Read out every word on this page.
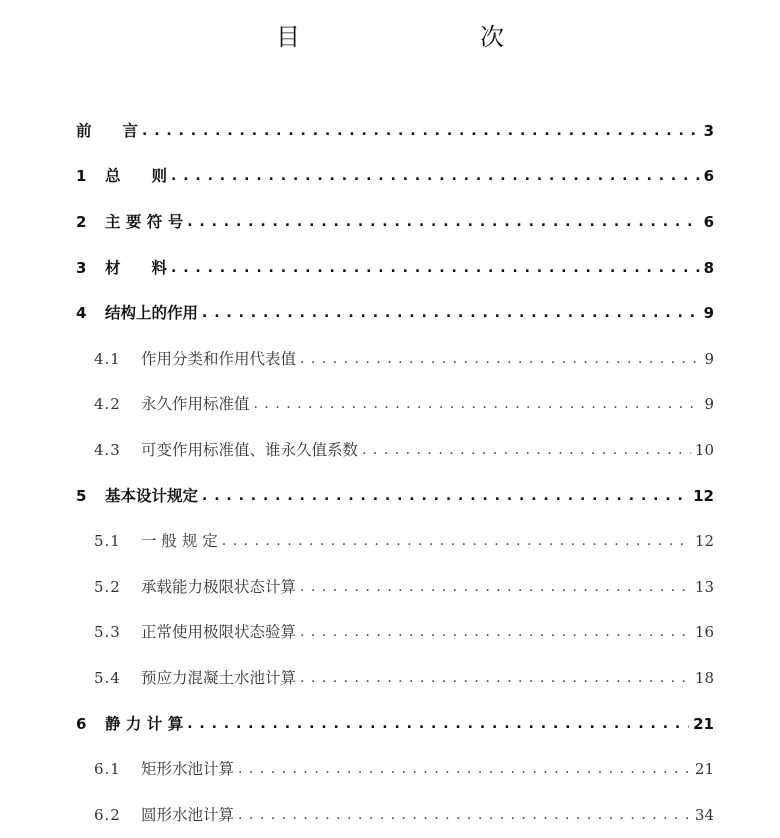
目　　次
前　　言 . . .	3
1	总　　则 . . .	6
2	主 要 符 号 . . .	6
3	材　　料 . . .	8
4	结构上的作用 . . .	9
4.1	作用分类和作用代表值 . . .	9
4.2	永久作用标准值 . . .	9
4.3	可变作用标准值、谁永久值系数 . . .	10
5	基本设计规定 . . .	12
5.1	一 般 规 定 . . .	12
5.2	承载能力极限状态计算 . . .	13
5.3	正常使用极限状态验算 . . .	16
5.4	预应力混凝土水池计算 . . .	18
6	静 力 计 算 . . .	21
6.1	矩形水池计算 . . .	21
6.2	圆形水池计算 . . .	34
